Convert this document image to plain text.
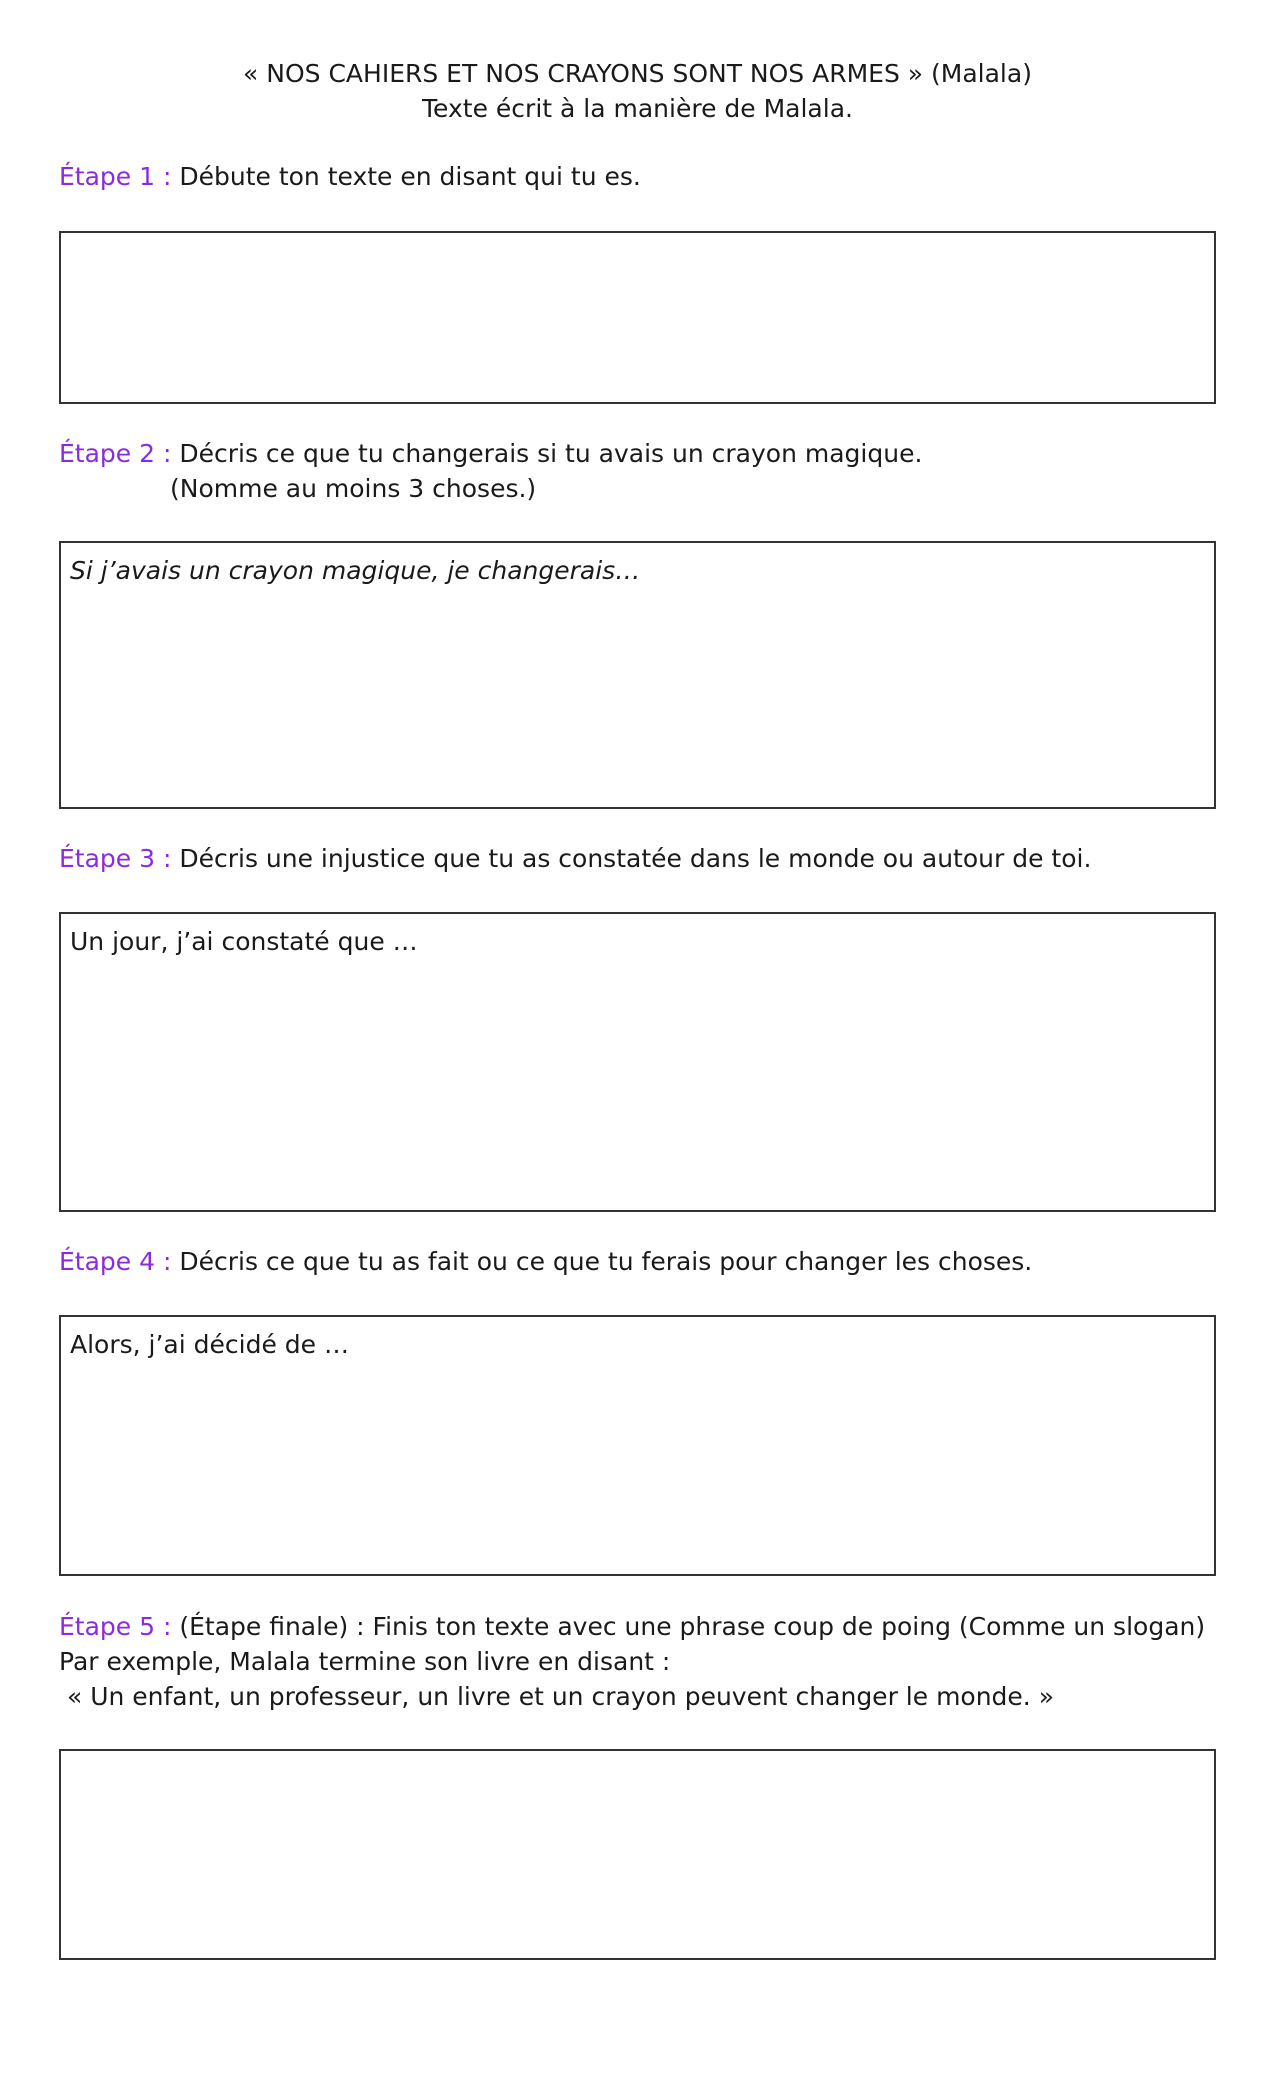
« NOS CAHIERS ET NOS CRAYONS SONT NOS ARMES » (Malala)
Texte écrit à la manière de Malala.
Étape 1 : Débute ton texte en disant qui tu es.
Étape 2 : Décris ce que tu changerais si tu avais un crayon magique.
(Nomme au moins 3 choses.)
Si j’avais un crayon magique, je changerais…
Étape 3 : Décris une injustice que tu as constatée dans le monde ou autour de toi.
Un jour, j’ai constaté que …
Étape 4 : Décris ce que tu as fait ou ce que tu ferais pour changer les choses.
Alors, j’ai décidé de …
Étape 5 : (Étape finale) : Finis ton texte avec une phrase coup de poing (Comme un slogan)
Par exemple, Malala termine son livre en disant :
« Un enfant, un professeur, un livre et un crayon peuvent changer le monde. »
